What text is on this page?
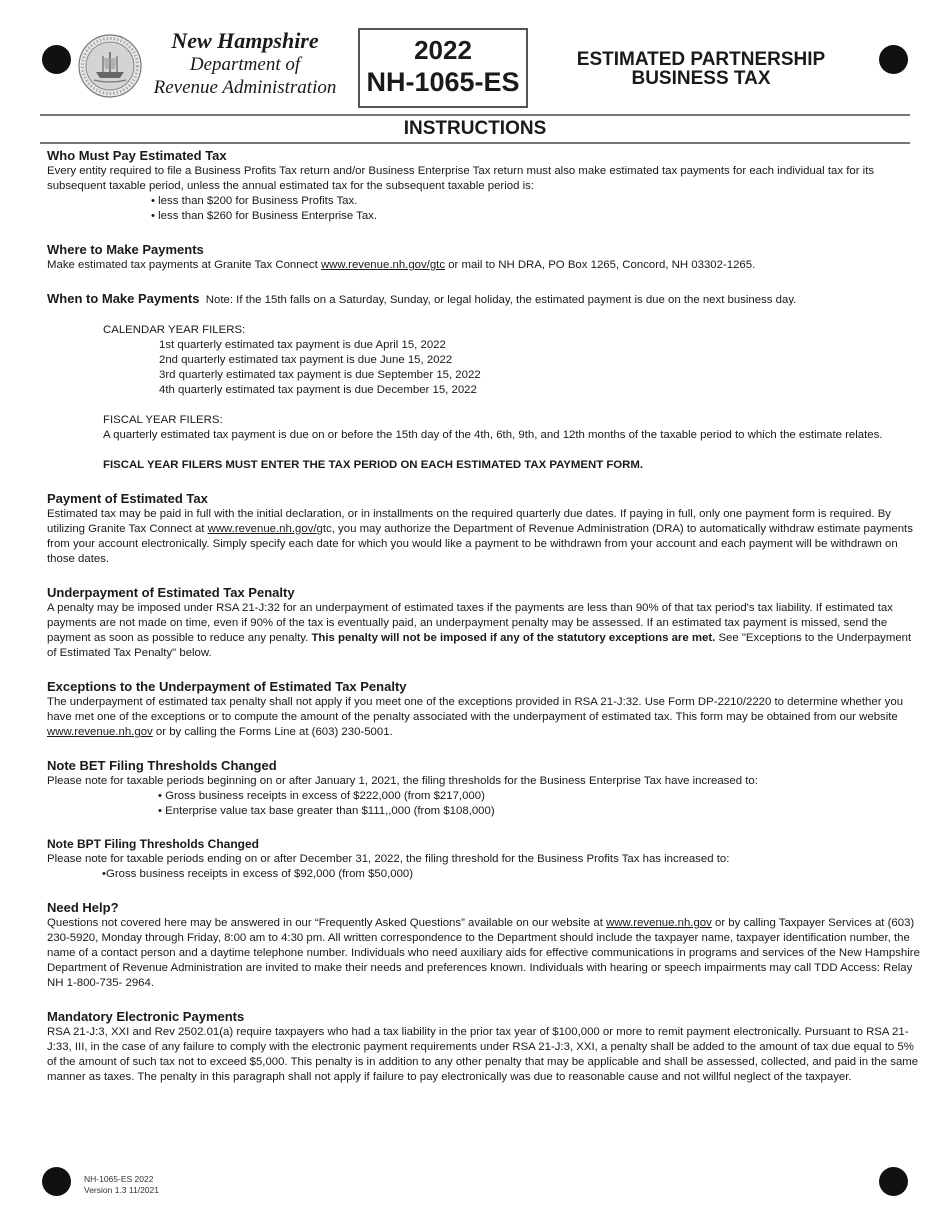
New Hampshire
Department of
Revenue Administration
2022
NH-1065-ES
ESTIMATED PARTNERSHIP
BUSINESS TAX
INSTRUCTIONS
Who Must Pay Estimated Tax

Every entity required to file a Business Profits Tax return and/or Business Enterprise Tax return must also make estimated tax payments for each individual tax for its subsequent taxable period, unless the annual estimated tax for the subsequent taxable period is:

• less than $200 for Business Profits Tax.

• less than $260 for Business Enterprise Tax.

Where to Make Payments

Make estimated tax payments at Granite Tax Connect www.revenue.nh.gov/gtc or mail to NH DRA, PO Box 1265, Concord, NH 03302-1265.

When to Make Payments Note: If the 15th falls on a Saturday, Sunday, or legal holiday, the estimated payment is due on the next business day.

CALENDAR YEAR FILERS:

1st quarterly estimated tax payment is due April 15, 2022

2nd quarterly estimated tax payment is due June 15, 2022

3rd quarterly estimated tax payment is due September 15, 2022

4th quarterly estimated tax payment is due December 15, 2022

FISCAL YEAR FILERS:

A quarterly estimated tax payment is due on or before the 15th day of the 4th, 6th, 9th, and 12th months of the taxable period to which the estimate relates.

FISCAL YEAR FILERS MUST ENTER THE TAX PERIOD ON EACH ESTIMATED TAX PAYMENT FORM.

Payment of Estimated Tax

Estimated tax may be paid in full with the initial declaration, or in installments on the required quarterly due dates. If paying in full, only one payment form is required. By utilizing Granite Tax Connect at www.revenue.nh.gov/gtc, you may authorize the Department of Revenue Administration (DRA) to automatically withdraw estimate payments from your account electronically. Simply specify each date for which you would like a payment to be withdrawn from your account and each payment will be withdrawn on those dates.

Underpayment of Estimated Tax Penalty

A penalty may be imposed under RSA 21-J:32 for an underpayment of estimated taxes if the payments are less than 90% of that tax period's tax liability. If estimated tax payments are not made on time, even if 90% of the tax is eventually paid, an underpayment penalty may be assessed. If an estimated tax payment is missed, send the payment as soon as possible to reduce any penalty. This penalty will not be imposed if any of the statutory exceptions are met. See "Exceptions to the Underpayment of Estimated Tax Penalty" below.

Exceptions to the Underpayment of Estimated Tax Penalty

The underpayment of estimated tax penalty shall not apply if you meet one of the exceptions provided in RSA 21-J:32. Use Form DP-2210/2220 to determine whether you have met one of the exceptions or to compute the amount of the penalty associated with the underpayment of estimated tax. This form may be obtained from our website www.revenue.nh.gov or by calling the Forms Line at (603) 230-5001.

Note BET Filing Thresholds Changed

Please note for taxable periods beginning on or after January 1, 2021, the filing thresholds for the Business Enterprise Tax have increased to:

• Gross business receipts in excess of $222,000 (from $217,000)

• Enterprise value tax base greater than $111,,000 (from $108,000)

Note BPT Filing Thresholds Changed

Please note for taxable periods ending on or after December 31, 2022, the filing threshold for the Business Profits Tax has increased to:

•Gross business receipts in excess of $92,000 (from $50,000)

Need Help?

Questions not covered here may be answered in our “Frequently Asked Questions” available on our website at www.revenue.nh.gov or by calling Taxpayer Services at (603) 230-5920, Monday through Friday, 8:00 am to 4:30 pm. All written correspondence to the Department should include the taxpayer name, taxpayer identification number, the name of a contact person and a daytime telephone number. Individuals who need auxiliary aids for effective communications in programs and services of the New Hampshire Department of Revenue Administration are invited to make their needs and preferences known. Individuals with hearing or speech impairments may call TDD Access: Relay NH 1-800-735- 2964.

Mandatory Electronic Payments

RSA 21-J:3, XXI and Rev 2502.01(a) require taxpayers who had a tax liability in the prior tax year of $100,000 or more to remit payment electronically. Pursuant to RSA 21-J:33, III, in the case of any failure to comply with the electronic payment requirements under RSA 21-J:3, XXI, a penalty shall be added to the amount of tax due equal to 5% of the amount of such tax not to exceed $5,000. This penalty is in addition to any other penalty that may be applicable and shall be assessed, collected, and paid in the same manner as taxes. The penalty in this paragraph shall not apply if failure to pay electronically was due to reasonable cause and not willful neglect of the taxpayer.

NH-1065-ES 2022
Version 1.3 11/2021
